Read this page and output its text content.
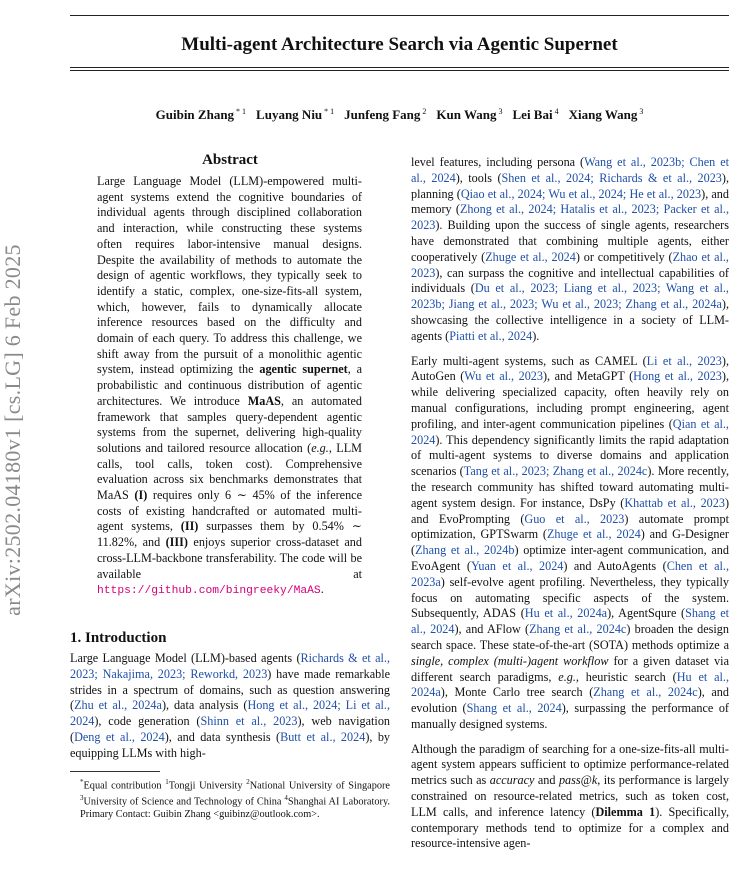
Multi-agent Architecture Search via Agentic Supernet
Guibin Zhang $^{* 1}$ Luyang Niu $^{* 1}$ Junfeng Fang $^2$ Kun Wang $^3$ Lei Bai $^4$ Xiang Wang $^3$
arXiv:2502.04180v1 [cs.LG] 6 Feb 2025
Abstract
Large Language Model (LLM)-empowered multi-agent systems extend the cognitive boundaries of individual agents through disciplined collaboration and interaction, while constructing these systems often requires labor-intensive manual designs. Despite the availability of methods to automate the design of agentic workflows, they typically seek to identify a static, complex, one-size-fits-all system, which, however, fails to dynamically allocate inference resources based on the difficulty and domain of each query. To address this challenge, we shift away from the pursuit of a monolithic agentic system, instead optimizing the agentic supernet, a probabilistic and continuous distribution of agentic architectures. We introduce MaAS, an automated framework that samples query-dependent agentic systems from the supernet, delivering high-quality solutions and tailored resource allocation (e.g., LLM calls, tool calls, token cost). Comprehensive evaluation across six benchmarks demonstrates that MaAS (I) requires only 6 ∼ 45% of the inference costs of existing handcrafted or automated multi-agent systems, (II) surpasses them by 0.54% ∼ 11.82%, and (III) enjoys superior cross-dataset and cross-LLM-backbone transferability. The code will be available at https://github.com/bingreeky/MaAS.
1. Introduction

Large Language Model (LLM)-based agents (Richards & et al., 2023; Nakajima, 2023; Reworkd, 2023) have made remarkable strides in a spectrum of domains, such as question answering (Zhu et al., 2024a), data analysis (Hong et al., 2024; Li et al., 2024), code generation (Shinn et al., 2023), web navigation (Deng et al., 2024), and data synthesis (Butt et al., 2024), by equipping LLMs with high-

*Equal contribution $^1$Tongji University $^2$National University of Singapore $^3$University of Science and Technology of China $^4$Shanghai AI Laboratory. Primary Contact: Guibin Zhang <guibinz@outlook.com>.

level features, including persona (Wang et al., 2023b; Chen et al., 2024), tools (Shen et al., 2024; Richards & et al., 2023), planning (Qiao et al., 2024; Wu et al., 2024; He et al., 2023), and memory (Zhong et al., 2024; Hatalis et al., 2023; Packer et al., 2023). Building upon the success of single agents, researchers have demonstrated that combining multiple agents, either cooperatively (Zhuge et al., 2024) or competitively (Zhao et al., 2023), can surpass the cognitive and intellectual capabilities of individuals (Du et al., 2023; Liang et al., 2023; Wang et al., 2023b; Jiang et al., 2023; Wu et al., 2023; Zhang et al., 2024a), showcasing the collective intelligence in a society of LLM-agents (Piatti et al., 2024).

Early multi-agent systems, such as CAMEL (Li et al., 2023), AutoGen (Wu et al., 2023), and MetaGPT (Hong et al., 2023), while delivering specialized capacity, often heavily rely on manual configurations, including prompt engineering, agent profiling, and inter-agent communication pipelines (Qian et al., 2024). This dependency significantly limits the rapid adaptation of multi-agent systems to diverse domains and application scenarios (Tang et al., 2023; Zhang et al., 2024c). More recently, the research community has shifted toward automating multi-agent system design. For instance, DsPy (Khattab et al., 2023) and EvoPrompting (Guo et al., 2023) automate prompt optimization, GPTSwarm (Zhuge et al., 2024) and G-Designer (Zhang et al., 2024b) optimize inter-agent communication, and EvoAgent (Yuan et al., 2024) and AutoAgents (Chen et al., 2023a) self-evolve agent profiling. Nevertheless, they typically focus on automating specific aspects of the system. Subsequently, ADAS (Hu et al., 2024a), AgentSqure (Shang et al., 2024), and AFlow (Zhang et al., 2024c) broaden the design search space. These state-of-the-art (SOTA) methods optimize a single, complex (multi-)agent workflow for a given dataset via different search paradigms, e.g., heuristic search (Hu et al., 2024a), Monte Carlo tree search (Zhang et al., 2024c), and evolution (Shang et al., 2024), surpassing the performance of manually designed systems.

Although the paradigm of searching for a one-size-fits-all multi-agent system appears sufficient to optimize performance-related metrics such as accuracy and pass@k, its performance is largely constrained on resource-related metrics, such as token cost, LLM calls, and inference latency (Dilemma 1). Specifically, contemporary methods tend to optimize for a complex and resource-intensive agen-
